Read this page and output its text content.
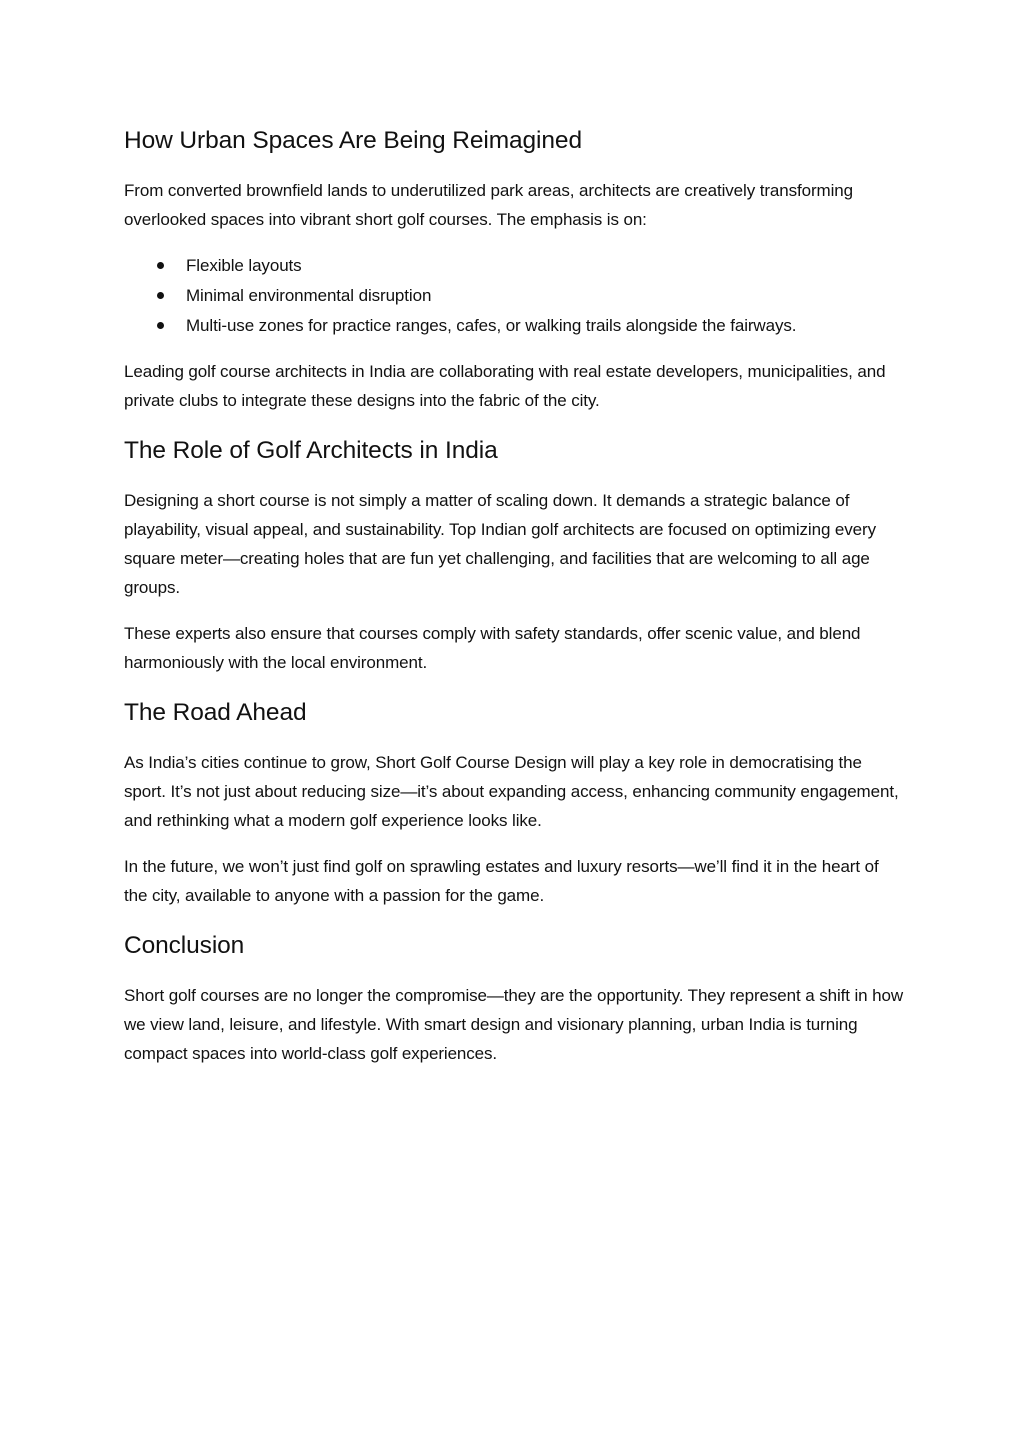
How Urban Spaces Are Being Reimagined

From converted brownfield lands to underutilized park areas, architects are creatively transforming overlooked spaces into vibrant short golf courses. The emphasis is on:

Flexible layouts
Minimal environmental disruption
Multi-use zones for practice ranges, cafes, or walking trails alongside the fairways.

Leading golf course architects in India are collaborating with real estate developers, municipalities, and private clubs to integrate these designs into the fabric of the city.

The Role of Golf Architects in India

Designing a short course is not simply a matter of scaling down. It demands a strategic balance of playability, visual appeal, and sustainability. Top Indian golf architects are focused on optimizing every square meter—creating holes that are fun yet challenging, and facilities that are welcoming to all age groups.

These experts also ensure that courses comply with safety standards, offer scenic value, and blend harmoniously with the local environment.

The Road Ahead

As India’s cities continue to grow, Short Golf Course Design will play a key role in democratising the sport. It’s not just about reducing size—it’s about expanding access, enhancing community engagement, and rethinking what a modern golf experience looks like.

In the future, we won’t just find golf on sprawling estates and luxury resorts—we’ll find it in the heart of the city, available to anyone with a passion for the game.

Conclusion

Short golf courses are no longer the compromise—they are the opportunity. They represent a shift in how we view land, leisure, and lifestyle. With smart design and visionary planning, urban India is turning compact spaces into world-class golf experiences.
